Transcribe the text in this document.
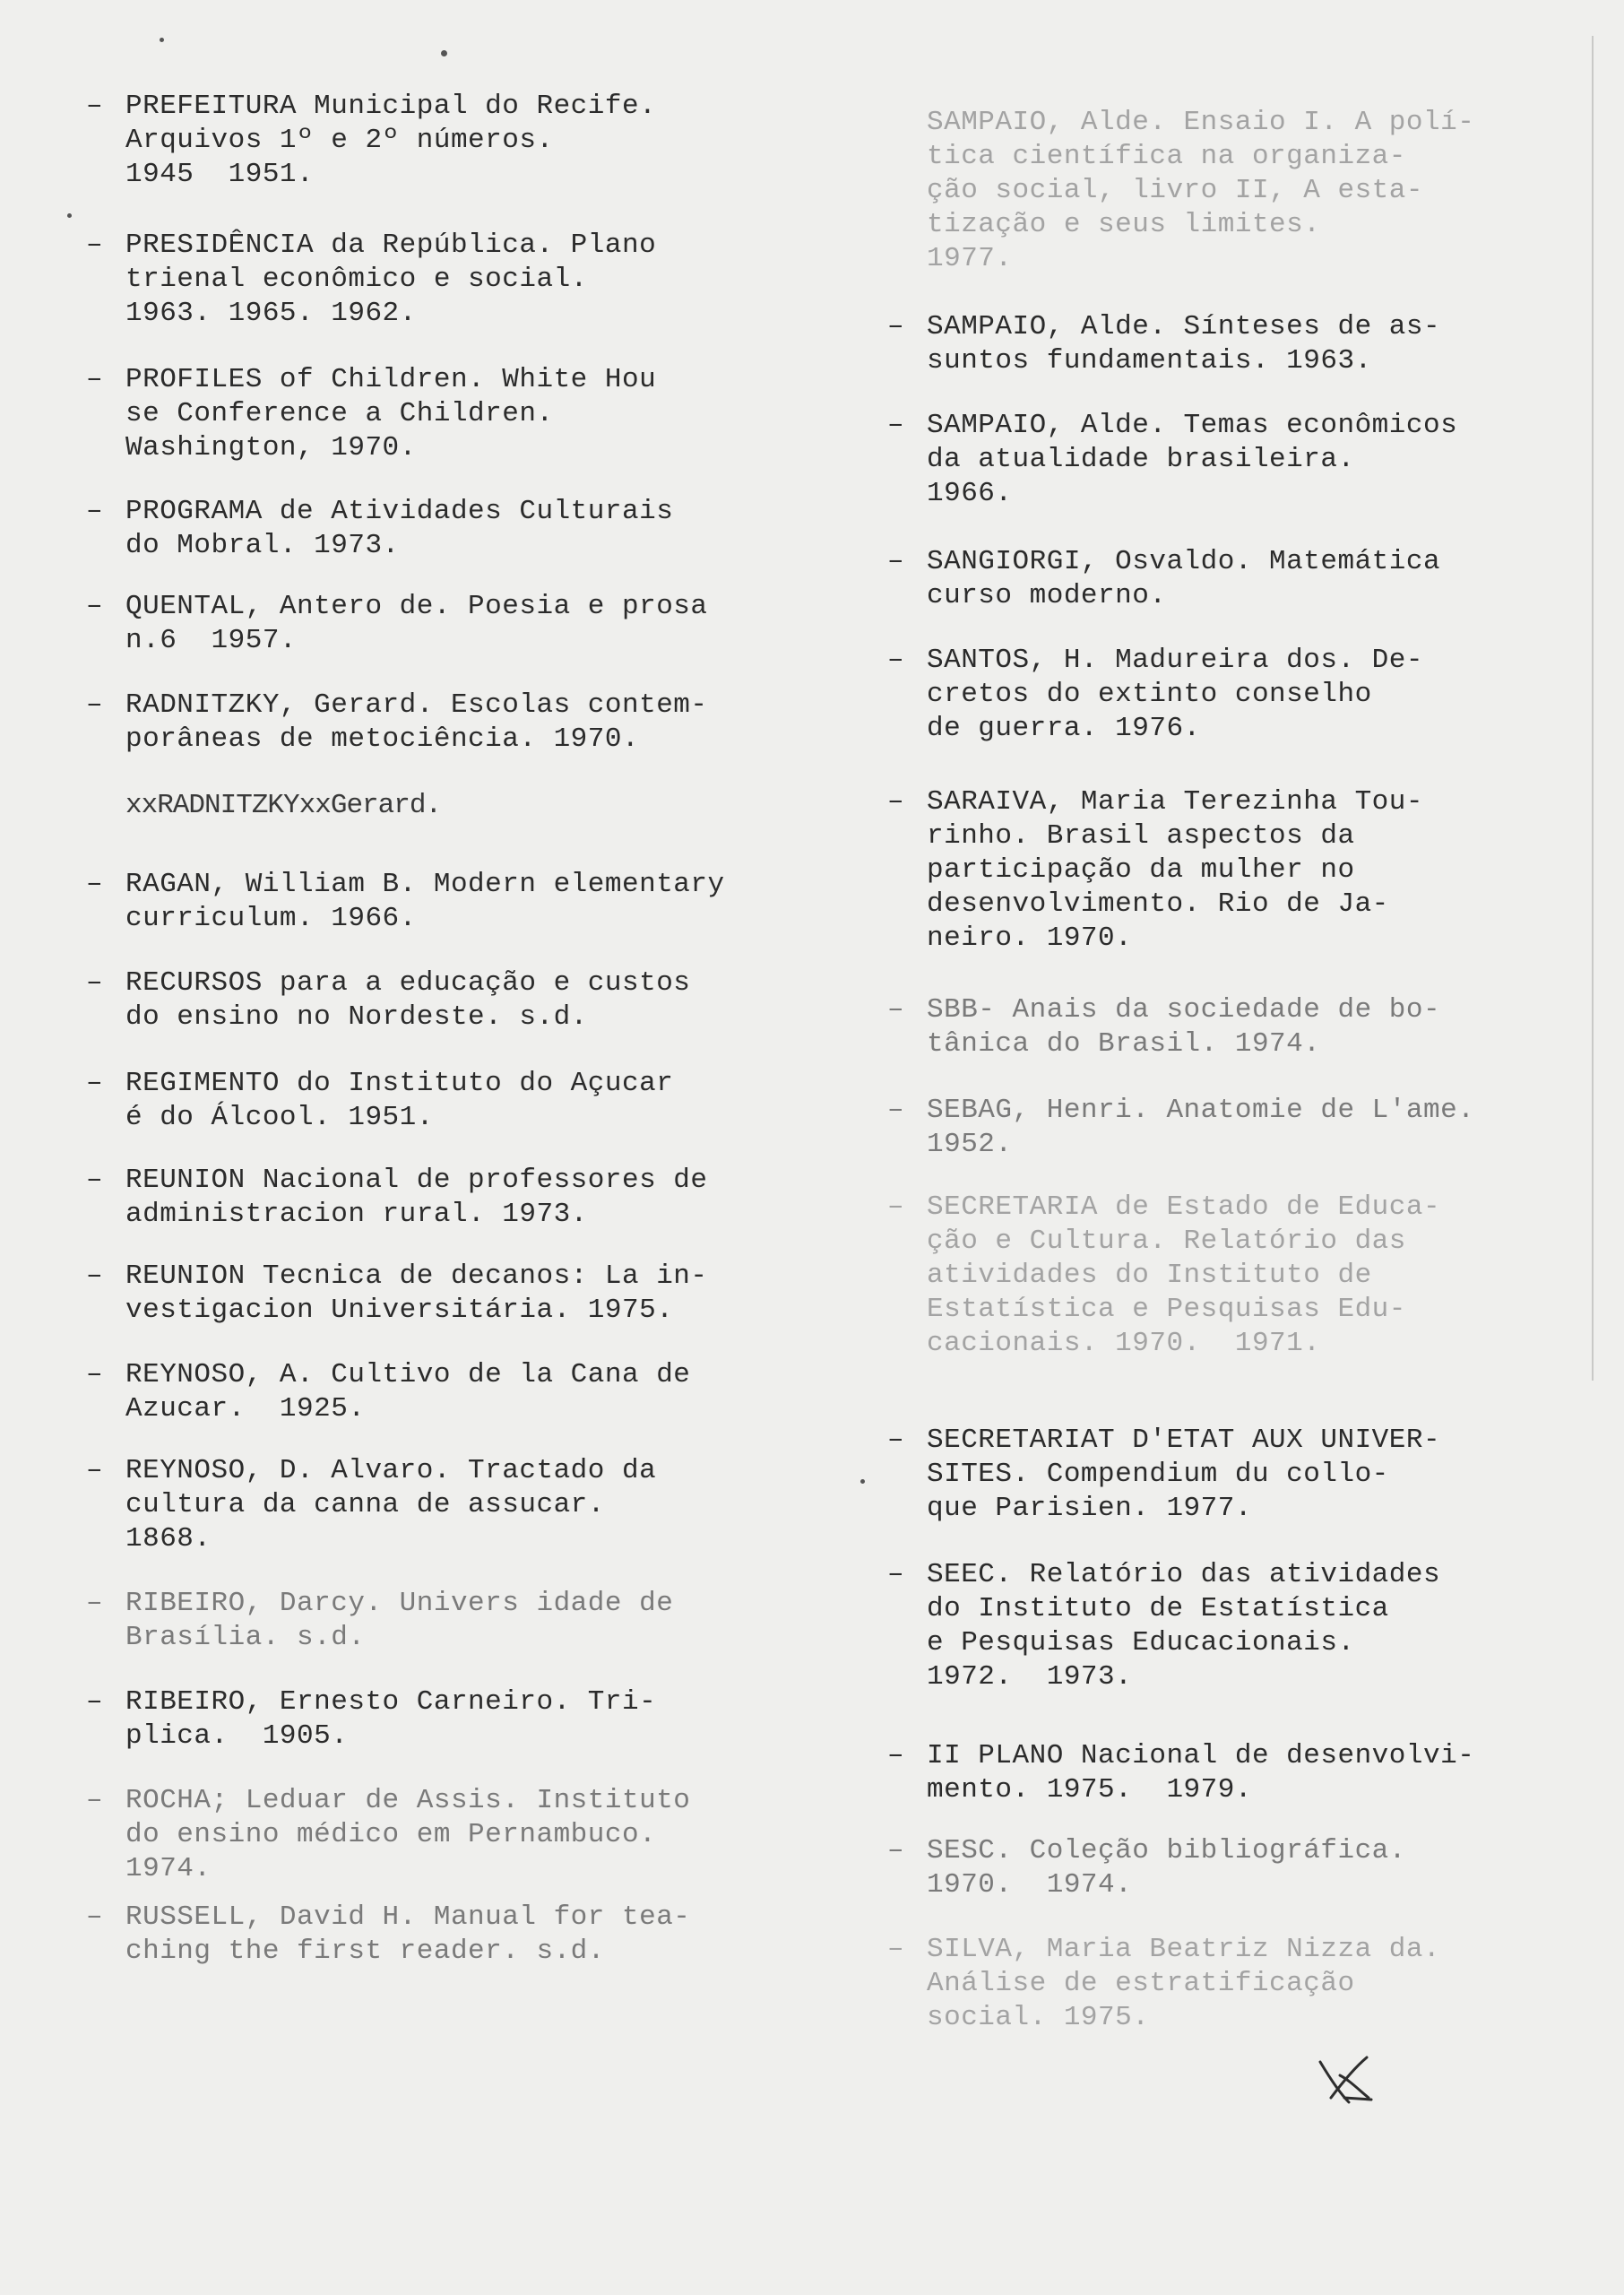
– PREFEITURA Municipal do Recife.
Arquivos 1º e 2º números.
1945  1951.
– PRESIDÊNCIA da República. Plano
trienal econômico e social.
1963. 1965. 1962.
– PROFILES of Children. White Hou
se Conference a Children.
Washington, 1970.
– PROGRAMA de Atividades Culturais
do Mobral. 1973.
– QUENTAL, Antero de. Poesia e prosa
n.6  1957.
– RADNITZKY, Gerard. Escolas contem-
porâneas de metociência. 1970.
xxRADNITZKYxxGerard.
– RAGAN, William B. Modern elementary
curriculum. 1966.
– RECURSOS para a educação e custos
do ensino no Nordeste. s.d.
– REGIMENTO do Instituto do Açucar
é do Álcool. 1951.
– REUNION Nacional de professores de
administracion rural. 1973.
– REUNION Tecnica de decanos: La in-
vestigacion Universitária. 1975.
– REYNOSO, A. Cultivo de la Cana de
Azucar.  1925.
– REYNOSO, D. Alvaro. Tractado da
cultura da canna de assucar.
1868.
– RIBEIRO, Darcy. Univers idade de
Brasília. s.d.
– RIBEIRO, Ernesto Carneiro. Tri-
plica.  1905.
– ROCHA; Leduar de Assis. Instituto
do ensino médico em Pernambuco.
1974.
– RUSSELL, David H. Manual for tea-
ching the first reader. s.d.
SAMPAIO, Alde. Ensaio I. A polí-
tica científica na organiza-
ção social, livro II, A esta-
tização e seus limites.
1977.
– SAMPAIO, Alde. Sínteses de as-
suntos fundamentais. 1963.
– SAMPAIO, Alde. Temas econômicos
da atualidade brasileira.
1966.
– SANGIORGI, Osvaldo. Matemática
curso moderno.
– SANTOS, H. Madureira dos. De-
cretos do extinto conselho
de guerra. 1976.
– SARAIVA, Maria Terezinha Tou-
rinho. Brasil aspectos da
participação da mulher no
desenvolvimento. Rio de Ja-
neiro. 1970.
– SBB- Anais da sociedade de bo-
tânica do Brasil. 1974.
– SEBAG, Henri. Anatomie de L'ame.
1952.
– SECRETARIA de Estado de Educa-
ção e Cultura. Relatório das
atividades do Instituto de
Estatística e Pesquisas Edu-
cacionais. 1970.  1971.
– SECRETARIAT D'ETAT AUX UNIVER-
SITES. Compendium du collo-
que Parisien. 1977.
– SEEC. Relatório das atividades
do Instituto de Estatística
e Pesquisas Educacionais.
1972.  1973.
– II PLANO Nacional de desenvolvi-
mento. 1975.  1979.
– SESC. Coleção bibliográfica.
1970.  1974.
– SILVA, Maria Beatriz Nizza da.
Análise de estratificação
social. 1975.
